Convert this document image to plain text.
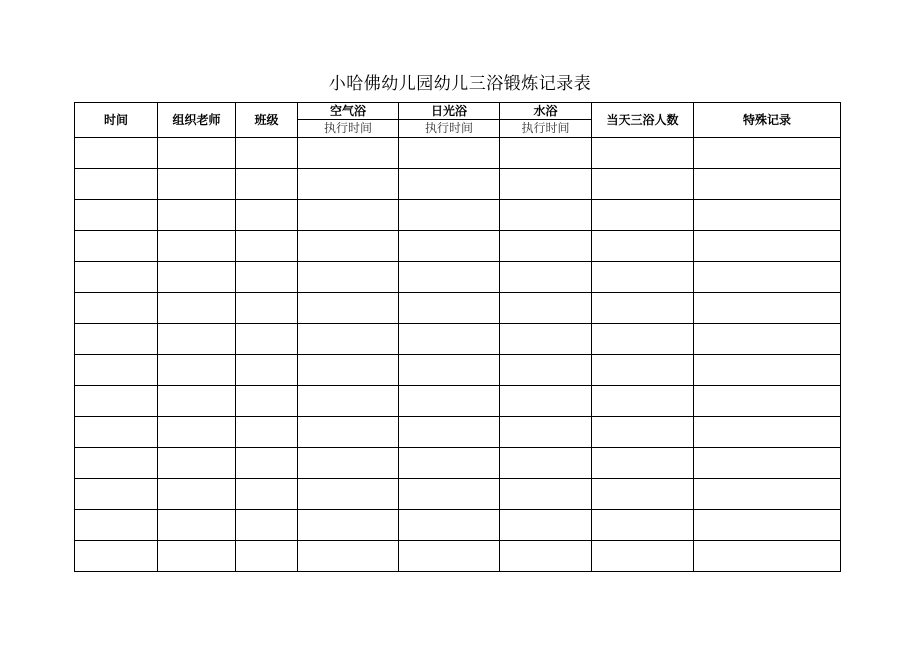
小哈佛幼儿园幼儿三浴锻炼记录表
时间	组织老师	班级	空气浴	日光浴	水浴	当天三浴人数	特殊记录
			执行时间	执行时间	执行时间		
